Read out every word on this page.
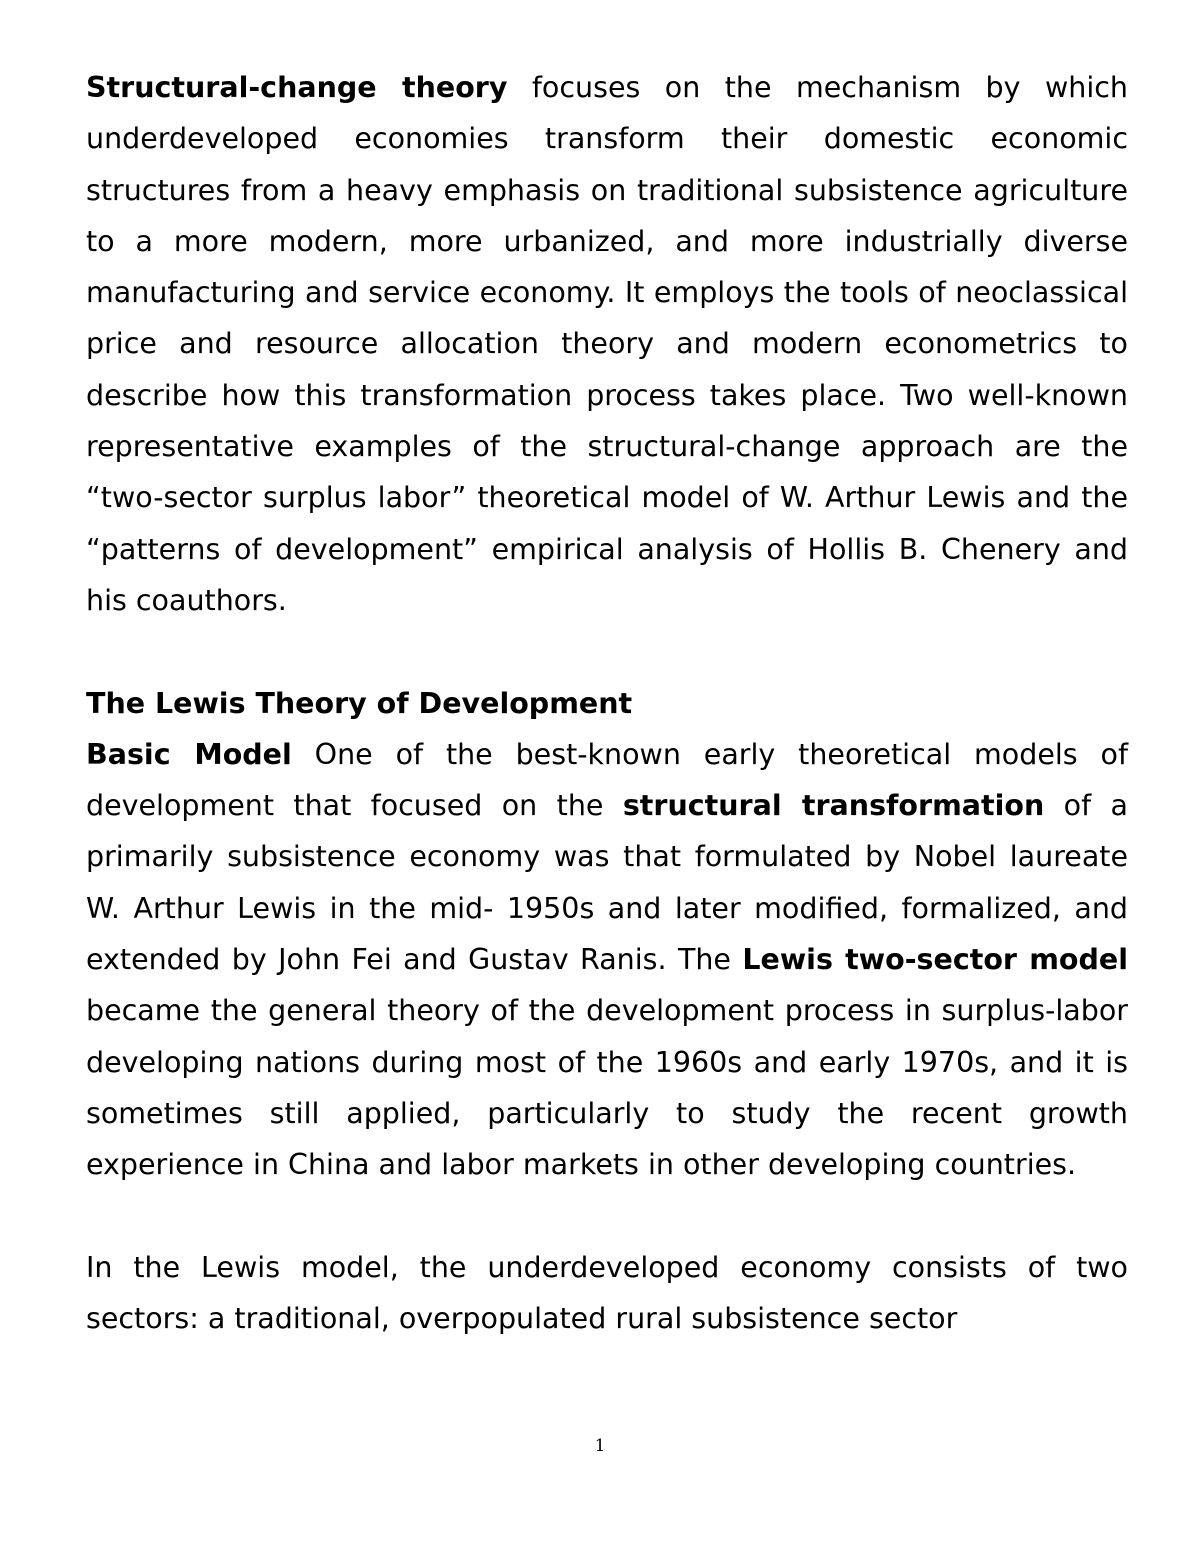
Structural-change theory focuses on the mechanism by which underdeveloped economies transform their domestic economic structures from a heavy emphasis on traditional subsistence agriculture to a more modern, more urbanized, and more industrially diverse manufacturing and service economy. It employs the tools of neoclassical price and resource allocation theory and modern econometrics to describe how this transformation process takes place. Two well-known representative examples of the structural-change approach are the “two-sector surplus labor” theoretical model of W. Arthur Lewis and the “patterns of development” empirical analysis of Hollis B. Chenery and his coauthors.

The Lewis Theory of Development

Basic Model One of the best-known early theoretical models of development that focused on the structural transformation of a primarily subsistence economy was that formulated by Nobel laureate W. Arthur Lewis in the mid- 1950s and later modified, formalized, and extended by John Fei and Gustav Ranis. The Lewis two-sector model became the general theory of the development process in surplus-labor developing nations during most of the 1960s and early 1970s, and it is sometimes still applied, particularly to study the recent growth experience in China and labor markets in other developing countries.

In the Lewis model, the underdeveloped economy consists of two sectors: a traditional, overpopulated rural subsistence sector

1
